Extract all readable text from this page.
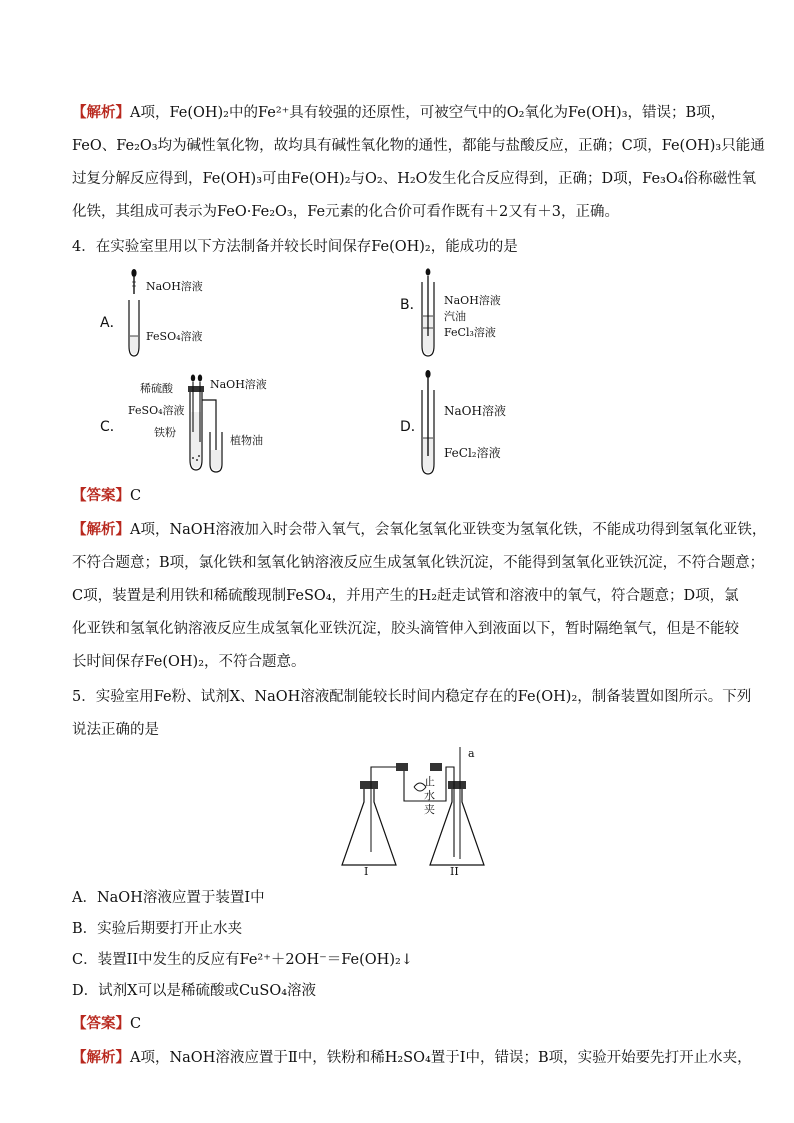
【解析】A项，Fe(OH)₂中的Fe²⁺具有较强的还原性，可被空气中的O₂氧化为Fe(OH)₃，错误；B项，
FeO、Fe₂O₃均为碱性氧化物，故均具有碱性氧化物的通性，都能与盐酸反应，正确；C项，Fe(OH)₃只能通
过复分解反应得到，Fe(OH)₃可由Fe(OH)₂与O₂、H₂O发生化合反应得到，正确；D项，Fe₃O₄俗称磁性氧
化铁，其组成可表示为FeO·Fe₂O₃，Fe元素的化合价可看作既有＋2又有＋3，正确。
4．在实验室里用以下方法制备并较长时间保存Fe(OH)₂，能成功的是
A．
NaOH溶液
FeSO₄溶液
B． NaOH溶液
汽油
FeCl₃溶液
C．
稀硫酸
FeSO₄溶液
铁粉
NaOH溶液
植物油
D．
NaOH溶液
FeCl₂溶液
【答案】C
【解析】A项，NaOH溶液加入时会带入氧气，会氧化氢氧化亚铁变为氢氧化铁，不能成功得到氢氧化亚铁，
不符合题意；B项，氯化铁和氢氧化钠溶液反应生成氢氧化铁沉淀，不能得到氢氧化亚铁沉淀，不符合题意；
C项，装置是利用铁和稀硫酸现制FeSO₄，并用产生的H₂赶走试管和溶液中的氧气，符合题意；D项，氯
化亚铁和氢氧化钠溶液反应生成氢氧化亚铁沉淀，胶头滴管伸入到液面以下，暂时隔绝氧气，但是不能较
长时间保存Fe(OH)₂，不符合题意。
5．实验室用Fe粉、试剂X、NaOH溶液配制能较长时间内稳定存在的Fe(OH)₂，制备装置如图所示。下列
说法正确的是
a
止
水
夹
I	II
A．NaOH溶液应置于装置I中
B．实验后期要打开止水夹
C．装置II中发生的反应有Fe²⁺＋2OH⁻＝Fe(OH)₂↓
D．试剂X可以是稀硫酸或CuSO₄溶液
【答案】C
【解析】A项，NaOH溶液应置于Ⅱ中，铁粉和稀H₂SO₄置于Ⅰ中，错误；B项，实验开始要先打开止水夹，
